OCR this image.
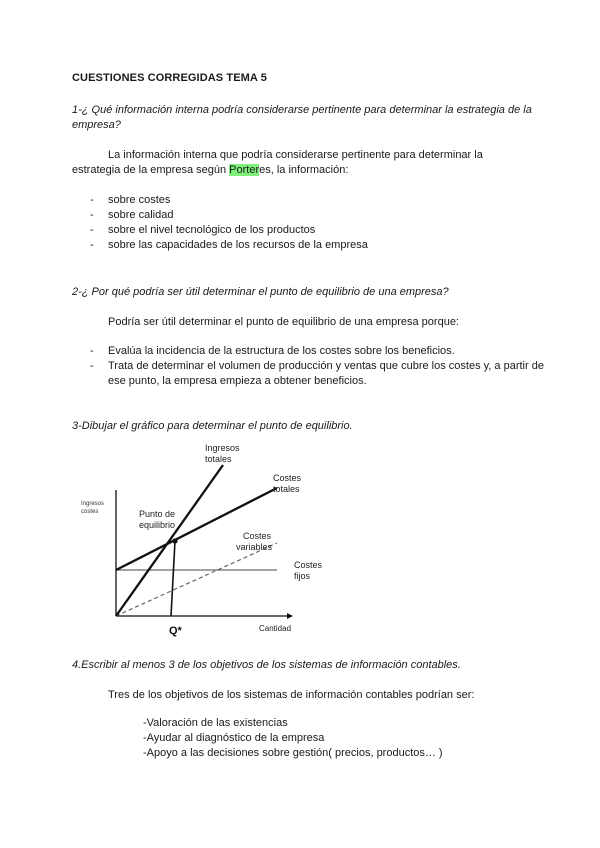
CUESTIONES CORREGIDAS TEMA 5

1-¿ Qué información interna podría considerarse pertinente para determinar la estrategia de la empresa?

La información interna que podría considerarse pertinente para determinar la estrategia de la empresa según Porteres, la información:

- sobre costes
- sobre calidad
- sobre el nivel tecnológico de los productos
- sobre las capacidades de los recursos de la empresa

2-¿ Por qué podría ser útil determinar el punto de equilibrio de una empresa?

Podría ser útil determinar el punto de equilibrio de una empresa porque:

- Evalúa la incidencia de la estructura de los costes sobre los beneficios.
- Trata de determinar el volumen de producción y ventas que cubre los costes y, a partir de ese punto, la empresa empieza a obtener beneficios.

3-Dibujar el gráfico para determinar el punto de equilibrio.

Ingresos costes
Ingresos totales
Costes totales
Punto de equilibrio
Costes variables
Costes fijos
Q*	Cantidad

4.Escribir al menos 3 de los objetivos de los sistemas de información contables.

Tres de los objetivos de los sistemas de información contables podrían ser:

-Valoración de las existencias
-Ayudar al diagnóstico de la empresa
-Apoyo a las decisiones sobre gestión( precios, productos… )
